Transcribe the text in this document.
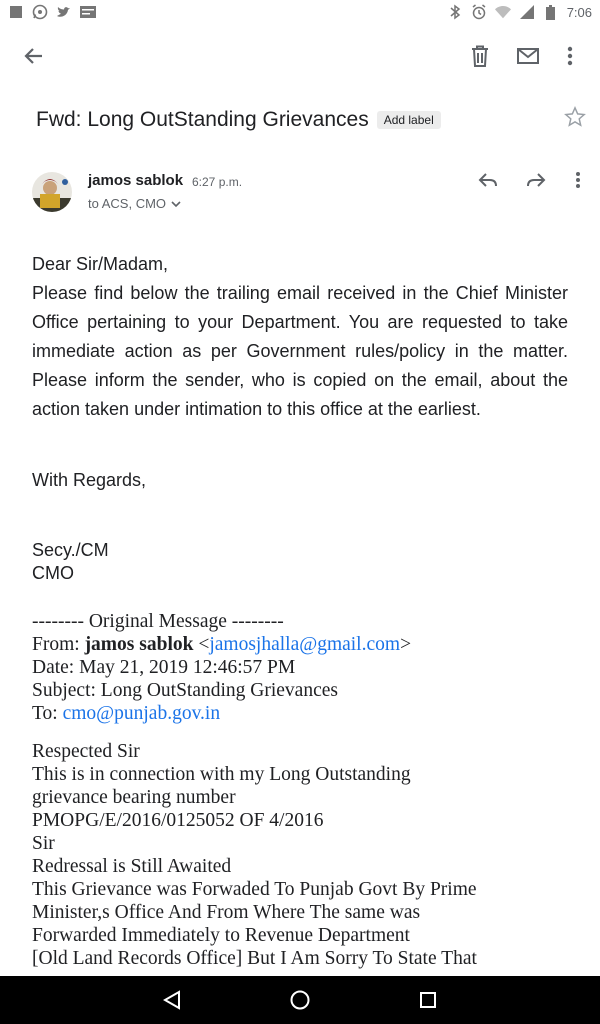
7:06
Fwd: Long OutStanding Grievances	Add label
jamos sablok 6:27 p.m.
to ACS, CMO
Dear Sir/Madam,
Please find below the trailing email received in the Chief Minister Office pertaining to your Department. You are requested to take immediate action as per Government rules/policy in the matter. Please inform the sender, who is copied on the email, about the action taken under intimation to this office at the earliest.
With Regards,
Secy./CM
CMO
-------- Original Message --------
From: jamos sablok <jamosjhalla@gmail.com>
Date: May 21, 2019 12:46:57 PM
Subject: Long OutStanding Grievances
To: cmo@punjab.gov.in
Respected Sir
This is in connection with my Long Outstanding
grievance bearing number
PMOPG/E/2016/0125052 OF 4/2016
Sir
Redressal is Still Awaited
This Grievance was Forwaded To Punjab Govt By Prime
Minister,s Office And From Where The same was
Forwarded Immediately to Revenue Department
[Old Land Records Office] But I Am Sorry To State That
